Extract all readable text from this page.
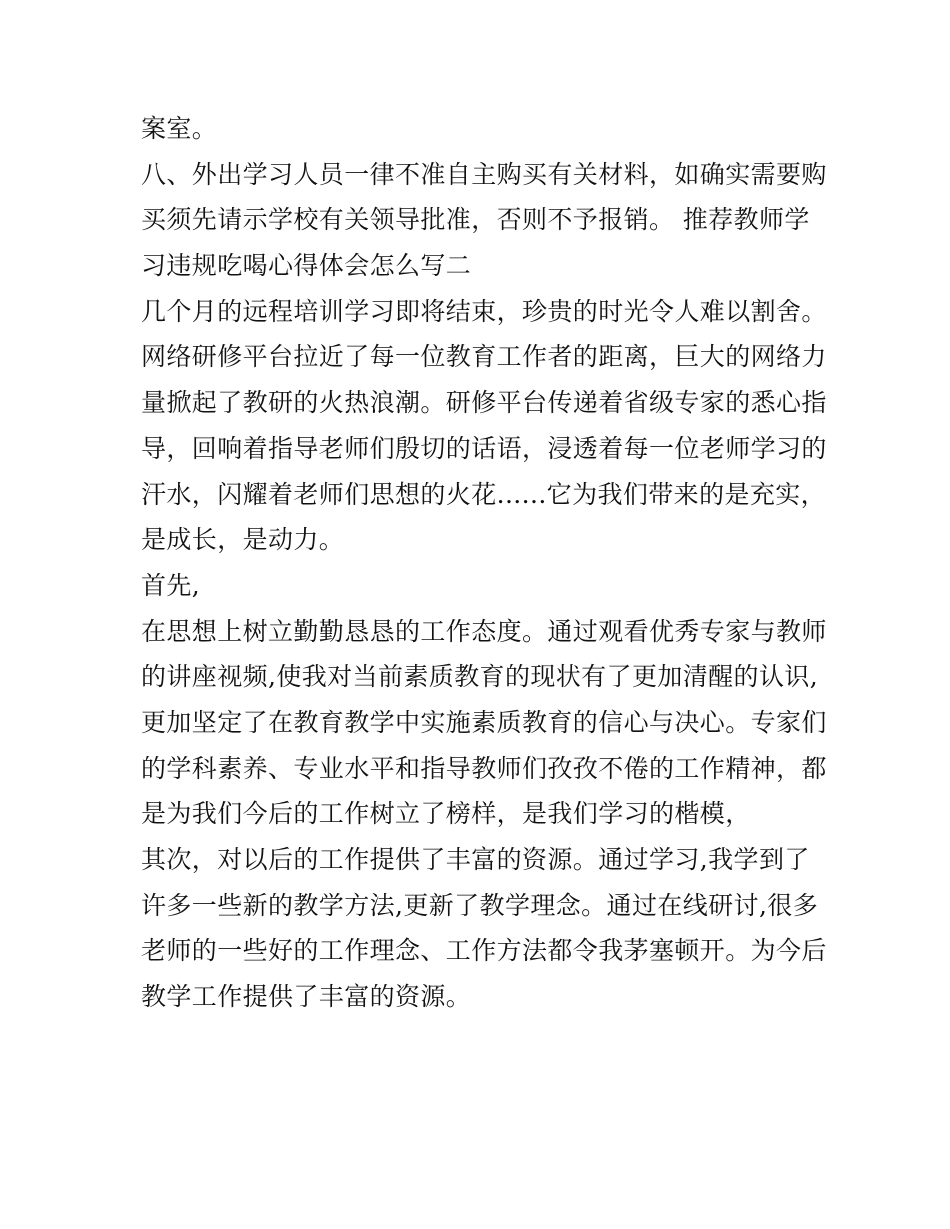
案室。
八、外出学习人员一律不准自主购买有关材料，如确实需要购
买须先请示学校有关领导批准，否则不予报销。 推荐教师学
习违规吃喝心得体会怎么写二
几个月的远程培训学习即将结束，珍贵的时光令人难以割舍。
网络研修平台拉近了每一位教育工作者的距离，巨大的网络力
量掀起了教研的火热浪潮。研修平台传递着省级专家的悉心指
导，回响着指导老师们殷切的话语，浸透着每一位老师学习的
汗水，闪耀着老师们思想的火花......它为我们带来的是充实，
是成长，是动力。
首先,
在思想上树立勤勤恳恳的工作态度。通过观看优秀专家与教师
的讲座视频,使我对当前素质教育的现状有了更加清醒的认识,
更加坚定了在教育教学中实施素质教育的信心与决心。专家们
的学科素养、专业水平和指导教师们孜孜不倦的工作精神，都
是为我们今后的工作树立了榜样，是我们学习的楷模，
其次，对以后的工作提供了丰富的资源。通过学习,我学到了
许多一些新的教学方法,更新了教学理念。通过在线研讨,很多
老师的一些好的工作理念、工作方法都令我茅塞顿开。为今后
教学工作提供了丰富的资源。
